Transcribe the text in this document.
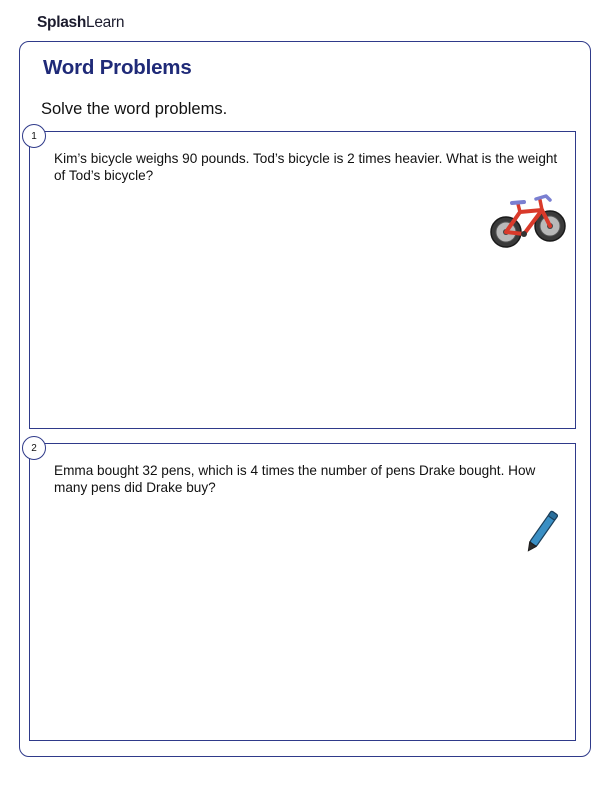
SplashLearn
Word Problems
Solve the word problems.
1
Kim’s bicycle weighs 90 pounds. Tod’s bicycle is 2 times heavier. What is the weight of Tod’s bicycle?
2
Emma bought 32 pens, which is 4 times the number of pens Drake bought. How many pens did Drake buy?
